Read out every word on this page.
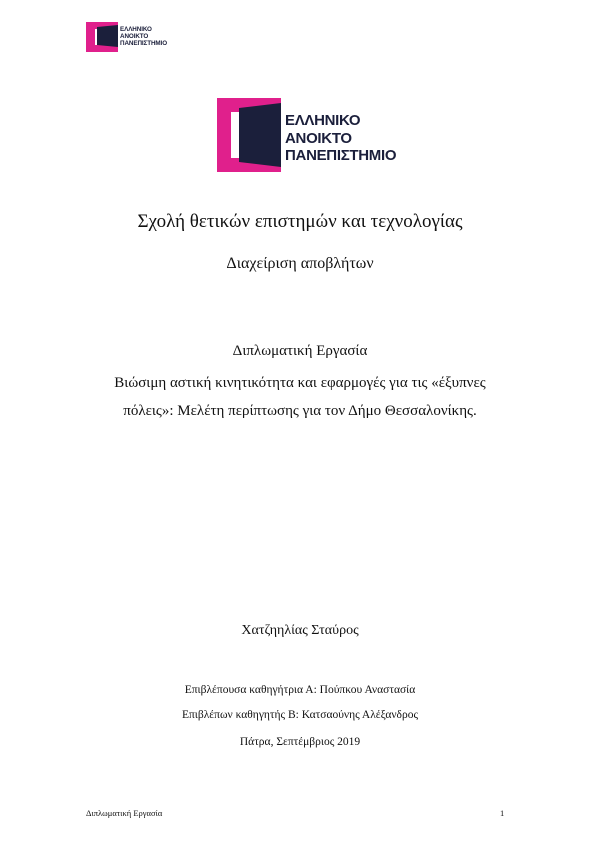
ΕΛΛΗΝΙΚΟ
ΑΝΟΙΚΤΟ
ΠΑΝΕΠΙΣΤΗΜΙΟ
ΕΛΛΗΝΙΚΟ
ΑΝΟΙΚΤΟ
ΠΑΝΕΠΙΣΤΗΜΙΟ
Σχολή θετικών επιστημών και τεχνολογίας
Διαχείριση αποβλήτων
Διπλωματική Εργασία
Βιώσιμη αστική κινητικότητα και εφαρμογές για τις «έξυπνες
πόλεις»: Μελέτη περίπτωσης για τον Δήμο Θεσσαλονίκης.
Χατζηηλίας Σταύρος
Επιβλέπουσα καθηγήτρια Α: Πούπκου Αναστασία
Επιβλέπων καθηγητής Β: Κατσαούνης Αλέξανδρος
Πάτρα, Σεπτέμβριος 2019
Διπλωματική Εργασία	1
